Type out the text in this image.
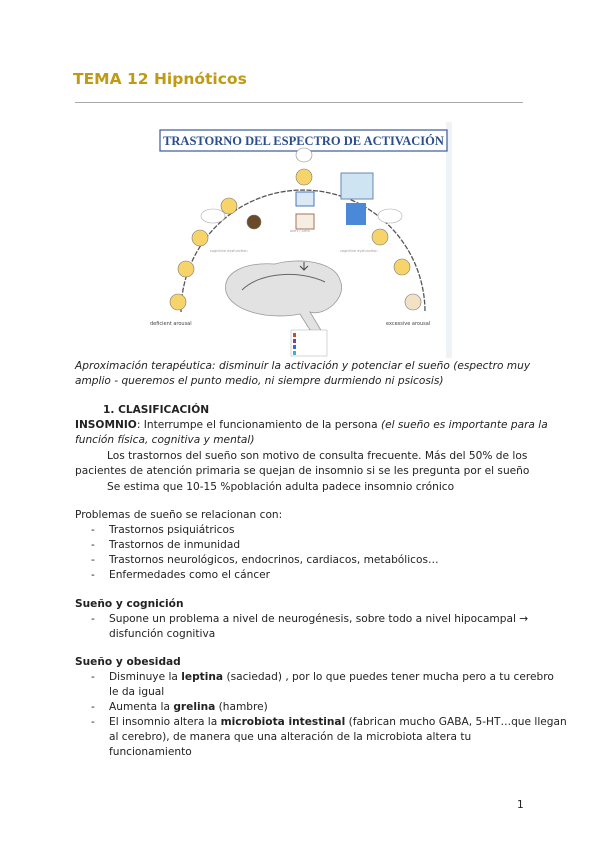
TEMA 12 Hipnóticos
TRASTORNO DEL ESPECTRO DE ACTIVACIÓN
alert / calm
cognitive dysfunction	cognitive dysfunction
deficient arousal	excessive arousal
Aproximación terapéutica: disminuir la activación y potenciar el sueño (espectro muy
amplio - queremos el punto medio, ni siempre durmiendo ni psicosis)
1. CLASIFICACIÓN
INSOMNIO: Interrumpe el funcionamiento de la persona (el sueño es importante para la
función física, cognitiva y mental)
Los trastornos del sueño son motivo de consulta frecuente. Más del 50% de los
pacientes de atención primaria se quejan de insomnio si se les pregunta por el sueño
Se estima que 10-15 %población adulta padece insomnio crónico
Problemas de sueño se relacionan con:
- Trastornos psiquiátricos
- Trastornos de inmunidad
- Trastornos neurológicos, endocrinos, cardiacos, metabólicos…
- Enfermedades como el cáncer
Sueño y cognición
- Supone un problema a nivel de neurogénesis, sobre todo a nivel hipocampal →
disfunción cognitiva
Sueño y obesidad
- Disminuye la leptina (saciedad) , por lo que puedes tener mucha pero a tu cerebro
le da igual
- Aumenta la grelina (hambre)
- El insomnio altera la microbiota intestinal (fabrican mucho GABA, 5-HT…que llegan
al cerebro), de manera que una alteración de la microbiota altera tu
funcionamiento
1
